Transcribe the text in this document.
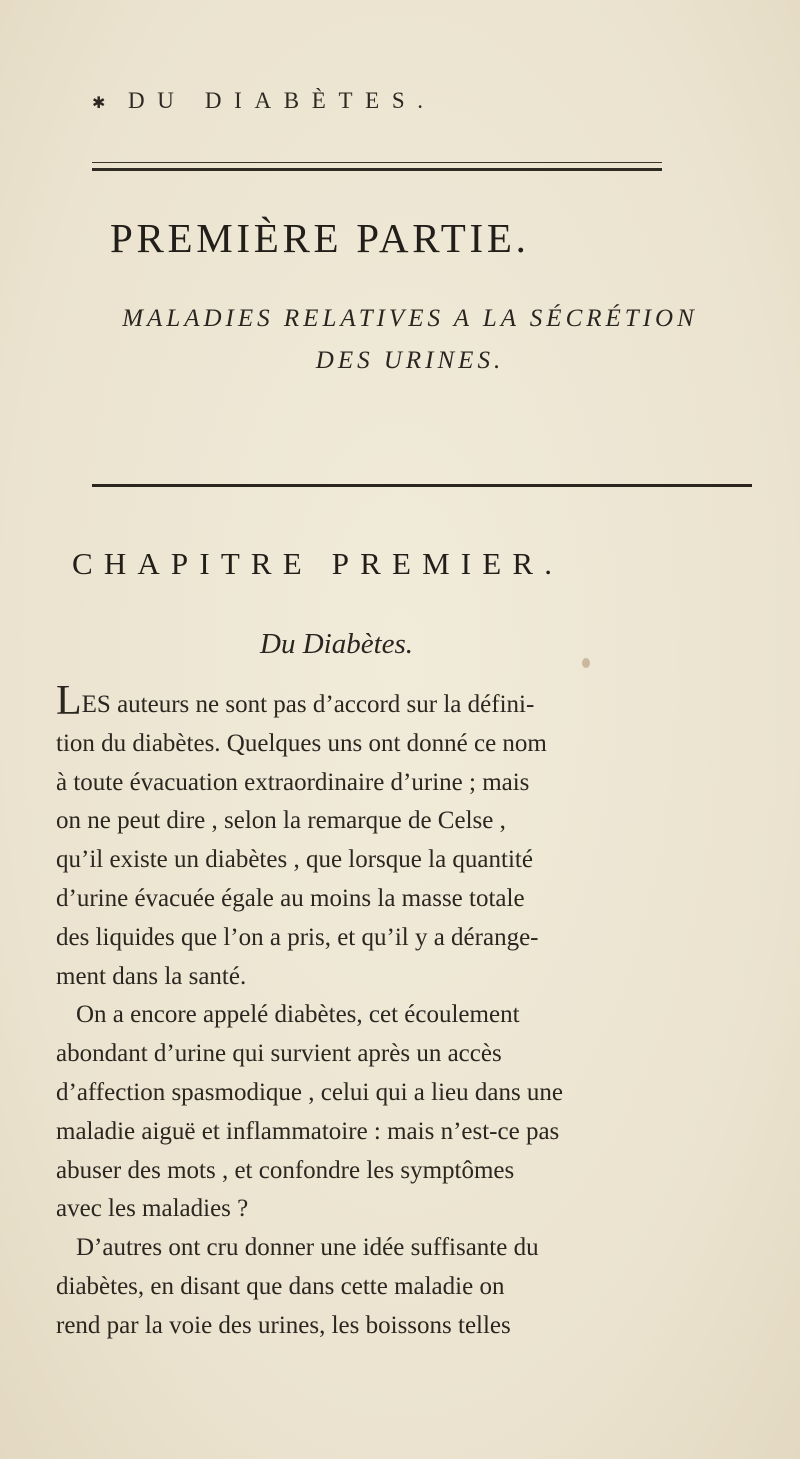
✱ DU DIABÈTES.
PREMIÈRE PARTIE.
MALADIES RELATIVES A LA SÉCRÉTION
DES URINES.
CHAPITRE PREMIER.
Du Diabètes.
LES auteurs ne sont pas d’accord sur la défini-
tion du diabètes. Quelques uns ont donné ce nom
à toute évacuation extraordinaire d’urine ; mais
on ne peut dire , selon la remarque de Celse ,
qu’il existe un diabètes , que lorsque la quantité
d’urine évacuée égale au moins la masse totale
des liquides que l’on a pris, et qu’il y a dérange-
ment dans la santé.
On a encore appelé diabètes, cet écoulement
abondant d’urine qui survient après un accès
d’affection spasmodique , celui qui a lieu dans une
maladie aiguë et inflammatoire : mais n’est-ce pas
abuser des mots , et confondre les symptômes
avec les maladies ?
D’autres ont cru donner une idée suffisante du
diabètes, en disant que dans cette maladie on
rend par la voie des urines, les boissons telles
